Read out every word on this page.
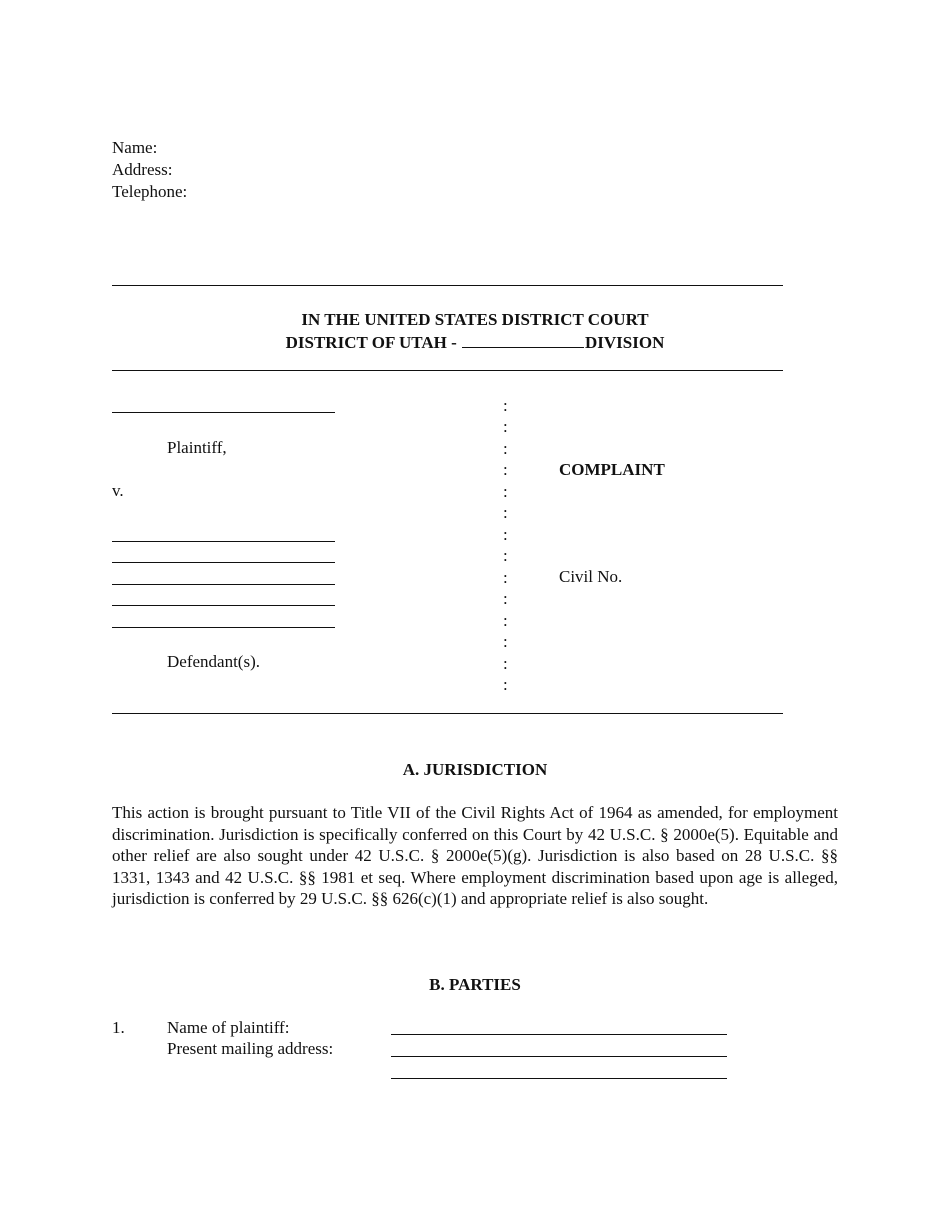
Name:
Address:
Telephone:
IN THE UNITED STATES DISTRICT COURT
DISTRICT OF UTAH -	DIVISION
Plaintiff,
v.
Defendant(s).
:
:
:
:
:
:
:
:
:
:
:
:
:
:
COMPLAINT
Civil No.
A. JURISDICTION
This action is brought pursuant to Title VII of the Civil Rights Act of 1964 as amended, for employment discrimination. Jurisdiction is specifically conferred on this Court by 42 U.S.C. § 2000e(5). Equitable and other relief are also sought under 42 U.S.C. § 2000e(5)(g). Jurisdiction is also based on 28 U.S.C. §§ 1331, 1343 and 42 U.S.C. §§ 1981 et seq. Where employment discrimination based upon age is alleged, jurisdiction is conferred by 29 U.S.C. §§ 626(c)(1) and appropriate relief is also sought.
B. PARTIES
1. Name of plaintiff:
Present mailing address:
